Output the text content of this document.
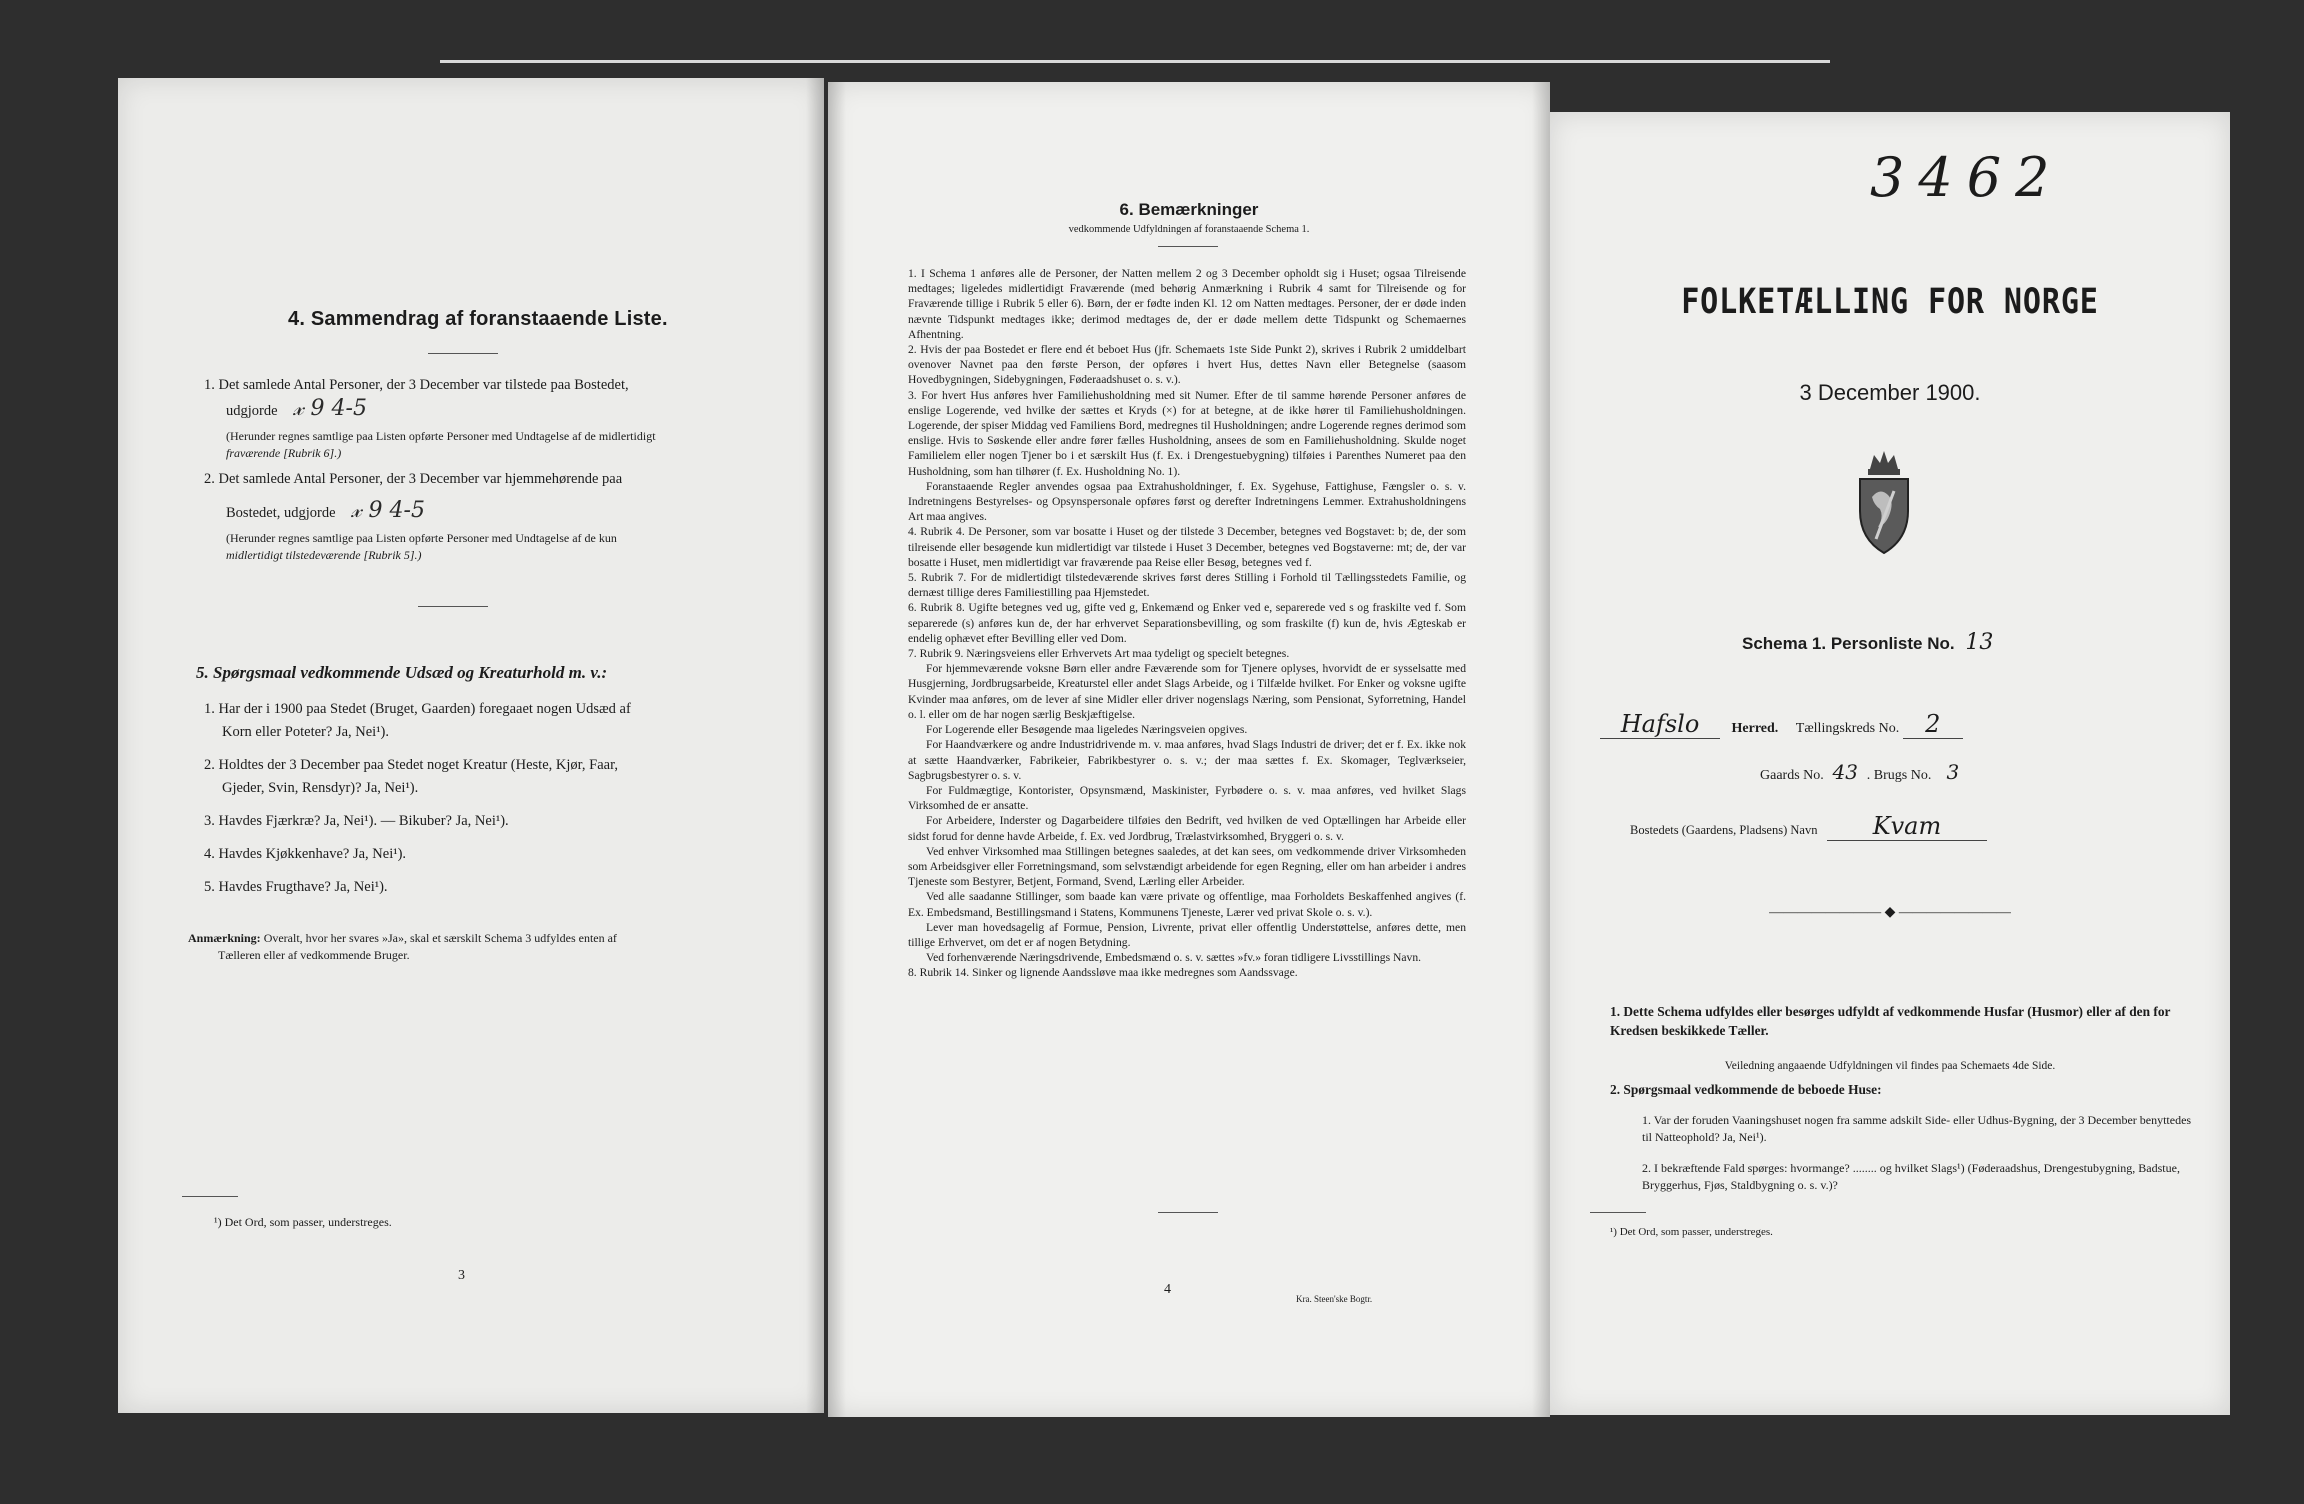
4. Sammendrag af foranstaaende Liste.
1. Det samlede Antal Personer, der 3 December var tilstede paa Bostedet,
udgjorde 𝓍 9 4-5
(Herunder regnes samtlige paa Listen opførte Personer med Undtagelse af de midlertidigt
fraværende [Rubrik 6].)
2. Det samlede Antal Personer, der 3 December var hjemmehørende paa
Bostedet, udgjorde 𝓍 9 4-5
(Herunder regnes samtlige paa Listen opførte Personer med Undtagelse af de kun
midlertidigt tilstedeværende [Rubrik 5].)
5. Spørgsmaal vedkommende Udsæd og Kreaturhold m. v.:
1. Har der i 1900 paa Stedet (Bruget, Gaarden) foregaaet nogen Udsæd af
Korn eller Poteter? Ja, Nei¹).
2. Holdtes der 3 December paa Stedet noget Kreatur (Heste, Kjør, Faar,
Gjeder, Svin, Rensdyr)? Ja, Nei¹).
3. Havdes Fjærkræ? Ja, Nei¹). — Bikuber? Ja, Nei¹).
4. Havdes Kjøkkenhave? Ja, Nei¹).
5. Havdes Frugthave? Ja, Nei¹).
Anmærkning: Overalt, hvor her svares »Ja», skal et særskilt Schema 3 udfyldes enten af
Tælleren eller af vedkommende Bruger.
¹) Det Ord, som passer, understreges.
3
6. Bemærkninger
vedkommende Udfyldningen af foranstaaende Schema 1.

1. I Schema 1 anføres alle de Personer, der Natten mellem 2 og 3 December opholdt sig i Huset; ogsaa Tilreisende medtages; ligeledes midlertidigt Fraværende (med behørig Anmærkning i Rubrik 4 samt for Tilreisende og for Fraværende tillige i Rubrik 5 eller 6). Børn, der er fødte inden Kl. 12 om Natten medtages. Personer, der er døde inden nævnte Tidspunkt medtages ikke; derimod medtages de, der er døde mellem dette Tidspunkt og Schemaernes Afhentning.

2. Hvis der paa Bostedet er flere end ét beboet Hus (jfr. Schemaets 1ste Side Punkt 2), skrives i Rubrik 2 umiddelbart ovenover Navnet paa den første Person, der opføres i hvert Hus, dettes Navn eller Betegnelse (saasom Hovedbygningen, Sidebygningen, Føderaadshuset o. s. v.).

3. For hvert Hus anføres hver Familiehusholdning med sit Numer. Efter de til samme hørende Personer anføres de enslige Logerende, ved hvilke der sættes et Kryds (×) for at betegne, at de ikke hører til Familiehusholdningen. Logerende, der spiser Middag ved Familiens Bord, medregnes til Husholdningen; andre Logerende regnes derimod som enslige. Hvis to Søskende eller andre fører fælles Husholdning, ansees de som en Familiehusholdning. Skulde noget Familielem eller nogen Tjener bo i et særskilt Hus (f. Ex. i Drengestuebygning) tilføies i Parenthes Numeret paa den Husholdning, som han tilhører (f. Ex. Husholdning No. 1).

Foranstaaende Regler anvendes ogsaa paa Extrahusholdninger, f. Ex. Sygehuse, Fattighuse, Fængsler o. s. v. Indretningens Bestyrelses- og Opsynspersonale opføres først og derefter Indretningens Lemmer. Extrahusholdningens Art maa angives.

4. Rubrik 4. De Personer, som var bosatte i Huset og der tilstede 3 December, betegnes ved Bogstavet: b; de, der som tilreisende eller besøgende kun midlertidigt var tilstede i Huset 3 December, betegnes ved Bogstaverne: mt; de, der var bosatte i Huset, men midlertidigt var fraværende paa Reise eller Besøg, betegnes ved f.

5. Rubrik 7. For de midlertidigt tilstedeværende skrives først deres Stilling i Forhold til Tællingsstedets Familie, og dernæst tillige deres Familiestilling paa Hjemstedet.

6. Rubrik 8. Ugifte betegnes ved ug, gifte ved g, Enkemænd og Enker ved e, separerede ved s og fraskilte ved f. Som separerede (s) anføres kun de, der har erhvervet Separationsbevilling, og som fraskilte (f) kun de, hvis Ægteskab er endelig ophævet efter Bevilling eller ved Dom.

7. Rubrik 9. Næringsveiens eller Erhvervets Art maa tydeligt og specielt betegnes.

For hjemmeværende voksne Børn eller andre Fæværende som for Tjenere oplyses, hvorvidt de er sysselsatte med Husgjerning, Jordbrugsarbeide, Kreaturstel eller andet Slags Arbeide, og i Tilfælde hvilket. For Enker og voksne ugifte Kvinder maa anføres, om de lever af sine Midler eller driver nogenslags Næring, som Pensionat, Syforretning, Handel o. l. eller om de har nogen særlig Beskjæftigelse.

For Logerende eller Besøgende maa ligeledes Næringsveien opgives.

For Haandværkere og andre Industridrivende m. v. maa anføres, hvad Slags Industri de driver; det er f. Ex. ikke nok at sætte Haandværker, Fabrikeier, Fabrikbestyrer o. s. v.; der maa sættes f. Ex. Skomager, Teglværkseier, Sagbrugsbestyrer o. s. v.

For Fuldmægtige, Kontorister, Opsynsmænd, Maskinister, Fyrbødere o. s. v. maa anføres, ved hvilket Slags Virksomhed de er ansatte.

For Arbeidere, Inderster og Dagarbeidere tilføies den Bedrift, ved hvilken de ved Optællingen har Arbeide eller sidst forud for denne havde Arbeide, f. Ex. ved Jordbrug, Trælastvirksomhed, Bryggeri o. s. v.

Ved enhver Virksomhed maa Stillingen betegnes saaledes, at det kan sees, om vedkommende driver Virksomheden som Arbeidsgiver eller Forretningsmand, som selvstændigt arbeidende for egen Regning, eller om han arbeider i andres Tjeneste som Bestyrer, Betjent, Formand, Svend, Lærling eller Arbeider.

Ved alle saadanne Stillinger, som baade kan være private og offentlige, maa Forholdets Beskaffenhed angives (f. Ex. Embedsmand, Bestillingsmand i Statens, Kommunens Tjeneste, Lærer ved privat Skole o. s. v.).

Lever man hovedsagelig af Formue, Pension, Livrente, privat eller offentlig Understøttelse, anføres dette, men tillige Erhvervet, om det er af nogen Betydning.

Ved forhenværende Næringsdrivende, Embedsmænd o. s. v. sættes »fv.» foran tidligere Livsstillings Navn.

8. Rubrik 14. Sinker og lignende Aandssløve maa ikke medregnes som Aandssvage.

4
Kra. Steen'ske Bogtr.
3462
FOLKETÆLLING FOR NORGE
3 December 1900.
Schema 1. Personliste No. 13
Hafslo Herred. Tællingskreds No. 2
Gaards No. 43 . Brugs No. 3
Bostedets (Gaardens, Pladsens) Navn Kvam
―――――――— ◆ —―――――――
1. Dette Schema udfyldes eller besørges udfyldt af vedkommende Husfar (Husmor) eller af den for Kredsen beskikkede Tæller.
Veiledning angaaende Udfyldningen vil findes paa Schemaets 4de Side.
2. Spørgsmaal vedkommende de beboede Huse:
1. Var der foruden Vaaningshuset nogen fra samme adskilt Side- eller Udhus-Bygning, der 3 December benyttedes til Natteophold? Ja, Nei¹).
2. I bekræftende Fald spørges: hvormange? ........ og hvilket Slags¹) (Føderaadshus, Drengestubygning, Badstue, Bryggerhus, Fjøs, Staldbygning o. s. v.)?
¹) Det Ord, som passer, understreges.
